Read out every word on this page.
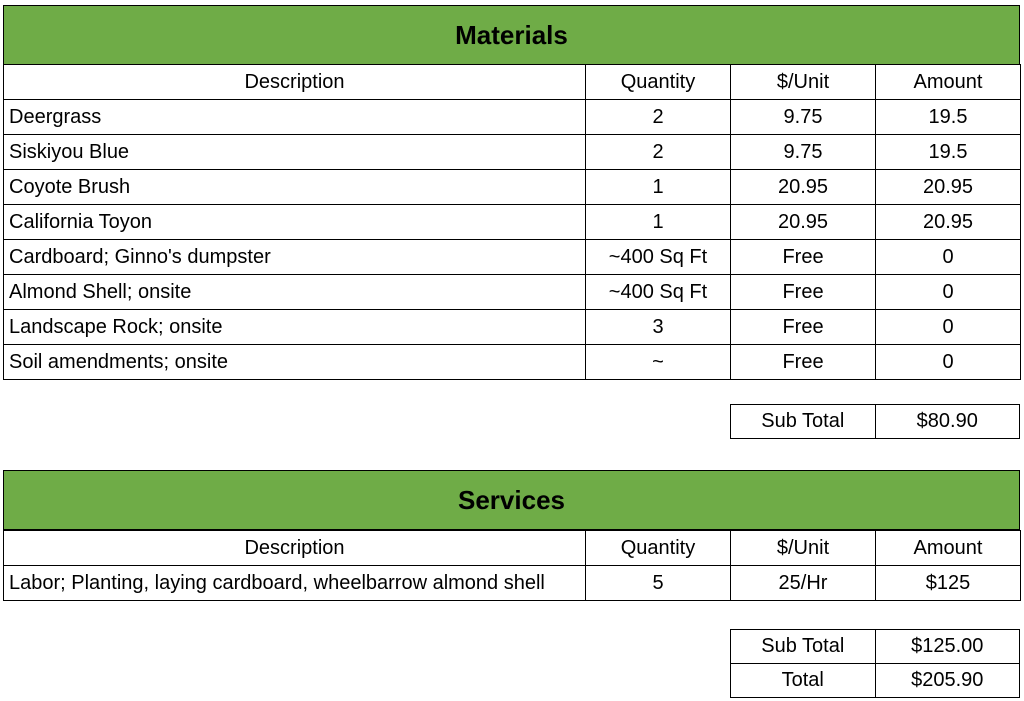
Materials
Description	Quantity	$/Unit	Amount
Deergrass	2	9.75	19.5
Siskiyou Blue	2	9.75	19.5
Coyote Brush	1	20.95	20.95
California Toyon	1	20.95	20.95
Cardboard; Ginno's dumpster	~400 Sq Ft	Free	0
Almond Shell; onsite	~400 Sq Ft	Free	0
Landscape Rock; onsite	3	Free	0
Soil amendments; onsite	~	Free	0
Sub Total	$80.90
Services
Description	Quantity	$/Unit	Amount
Labor; Planting, laying cardboard, wheelbarrow almond shell	5	25/Hr	$125
Sub Total	$125.00
Total	$205.90
